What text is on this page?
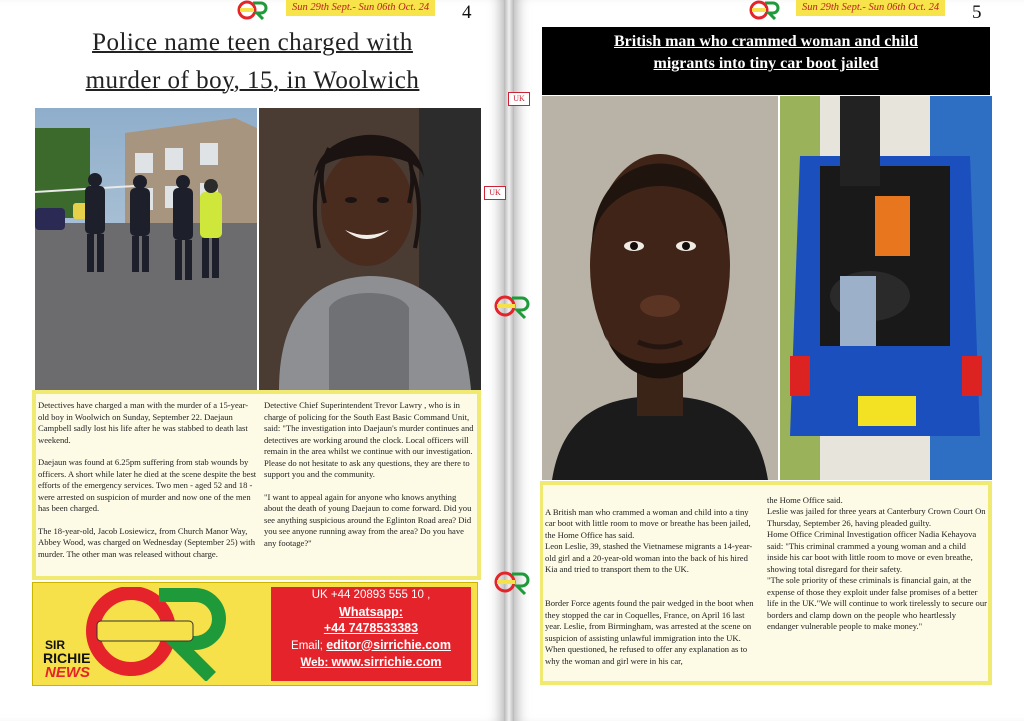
Sun 29th Sept.- Sun 06th Oct. 24	4
Police name teen charged with
murder of boy, 15, in Woolwich

Detectives have charged a man with the murder of a 15-year-old boy in Woolwich on Sunday, September 22. Daejaun Campbell sadly lost his life after he was stabbed to death last weekend.

Daejaun was found at 6.25pm suffering from stab wounds by officers. A short while later he died at the scene despite the best efforts of the emergency services. Two men - aged 52 and 18 - were arrested on suspicion of murder and now one of the men has been charged.

The 18-year-old, Jacob Losiewicz, from Church Manor Way, Abbey Wood, was charged on Wednesday (September 25) with murder. The other man was released without charge.

Detective Chief Superintendent Trevor Lawry , who is in charge of policing for the South East Basic Command Unit, said: "The investigation into Daejaun's murder continues and detectives are working around the clock. Local officers will remain in the area whilst we continue with our investigation. Please do not hesitate to ask any questions, they are there to support you and the community.

"I want to appeal again for anyone who knows anything about the death of young Daejaun to come forward. Did you see anything suspicious around the Eglinton Road area? Did you see anyone running away from the area? Do you have any footage?"

SIR
RICHIE
NEWS
UK +44 20893 555 10 ,
Whatsapp:
+44 7478533383
Email; editor@sirrichie.com
Web: www.sirrichie.com
Sun 29th Sept.- Sun 06th Oct. 24	5
British man who crammed woman and child
migrants into tiny car boot jailed

A British man who crammed a woman and child into a tiny car boot with little room to move or breathe has been jailed, the Home Office has said.
Leon Leslie, 39, stashed the Vietnamese migrants a 14-year-old girl and a 20-year-old woman into the back of his hired Kia and tried to transport them to the UK.

Border Force agents found the pair wedged in the boot when they stopped the car in Coquelles, France, on April 16 last year. Leslie, from Birmingham, was arrested at the scene on suspicion of assisting unlawful immigration into the UK.
When questioned, he refused to offer any explanation as to why the woman and girl were in his car,

the Home Office said.
Leslie was jailed for three years at Canterbury Crown Court On Thursday, September 26, having pleaded guilty.
Home Office Criminal Investigation officer Nadia Kehayova said: "This criminal crammed a young woman and a child inside his car boot with little room to move or even breathe, showing total disregard for their safety.
"The sole priority of these criminals is financial gain, at the expense of those they exploit under false promises of a better life in the UK."We will continue to work tirelessly to secure our borders and clamp down on the people who heartlessly endanger vulnerable people to make money."

UK
UK
